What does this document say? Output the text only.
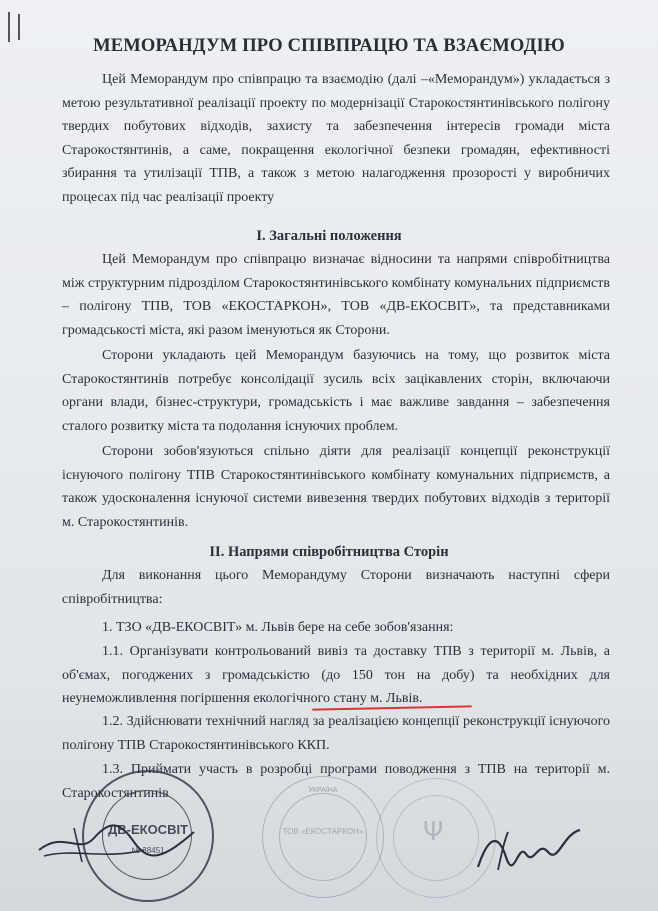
МЕМОРАНДУМ ПРО СПІВПРАЦЮ ТА ВЗАЄМОДІЮ

Цей Меморандум про співпрацю та взаємодію (далі –«Меморандум») укладається з метою результативної реалізації проекту по модернізації Старокостянтинівського полігону твердих побутових відходів, захисту та забезпечення інтересів громади міста Старокостянтинів, а саме, покращення екологічної безпеки громадян, ефективності збирання та утилізації ТПВ, а також з метою налагодження прозорості у виробничих процесах під час реалізації проекту

І. Загальні положення

Цей Меморандум про співпрацю визначає відносини та напрями співробітництва між структурним підрозділом Старокостянтинівського комбінату комунальних підприємств – полігону ТПВ, ТОВ «ЕКОСТАРКОН», ТОВ «ДВ-ЕКОСВІТ», та представниками громадськості міста, які разом іменуються як Сторони.

Сторони укладають цей Меморандум базуючись на тому, що розвиток міста Старокостянтинів потребує консолідації зусиль всіх зацікавлених сторін, включаючи органи влади, бізнес-структури, громадськість і має важливе завдання – забезпечення сталого розвитку міста та подолання існуючих проблем.

Сторони зобов'язуються спільно діяти для реалізації концепції реконструкції існуючого полігону ТПВ Старокостянтинівського комбінату комунальних підприємств, а також удосконалення існуючої системи вивезення твердих побутових відходів з території м. Старокостянтинів.

ІІ. Напрями співробітництва Сторін

Для виконання цього Меморандуму Сторони визначають наступні сфери співробітництва:

1. ТЗО «ДВ-ЕКОСВІТ» м. Львів бере на себе зобов'язання:

1.1. Організувати контрольований вивіз та доставку ТПВ з території м. Львів, а об'ємах, погоджених з громадськістю (до 150 тон на добу) та необхідних для неунеможливлення погіршення екологічного стану м. Львів.

1.2. Здійснювати технічний нагляд за реалізацією концепції реконструкції існуючого полігону ТПВ Старокостянтинівського ККП.

1.3. Приймати участь в розробці програми поводження з ТПВ на території м. Старокостянтинів

ДВ-ЕКОСВІТ
№ 38451
УКРАЇНА
ТОВ «ЕКОСТАРКОН»	Ψ
